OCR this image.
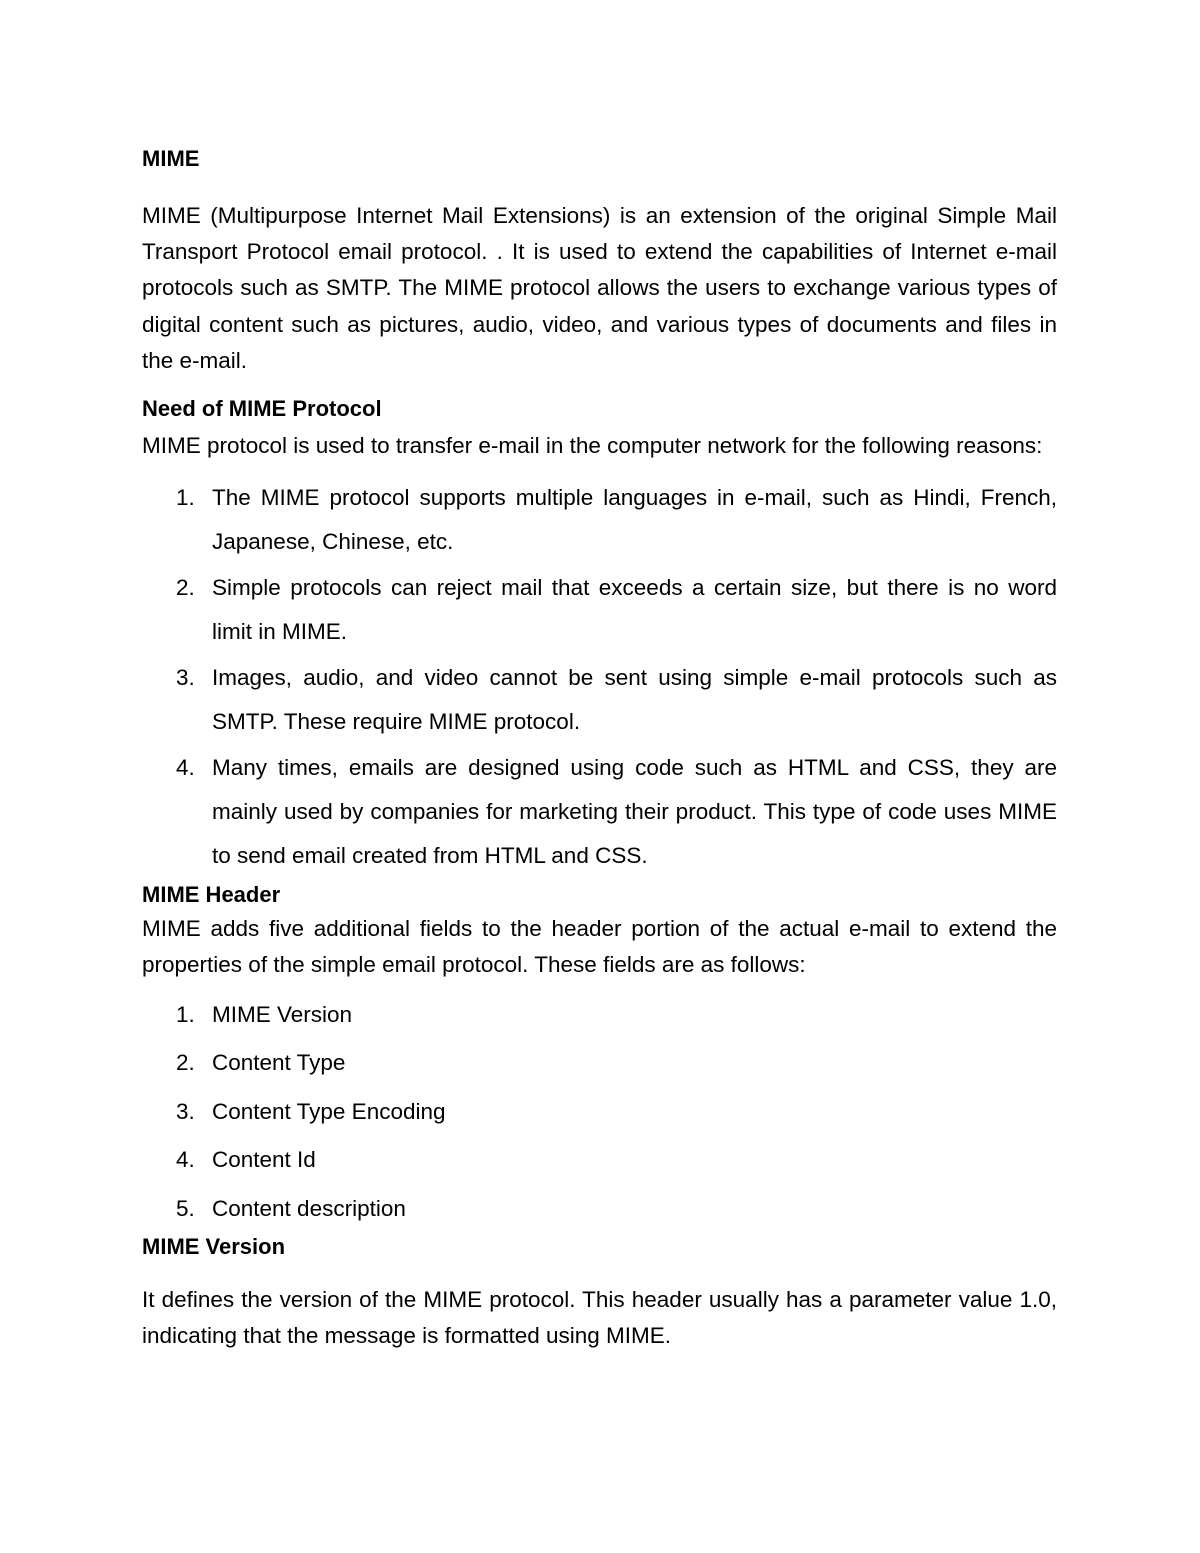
MIME

MIME (Multipurpose Internet Mail Extensions) is an extension of the original Simple Mail Transport Protocol email protocol. . It is used to extend the capabilities of Internet e-mail protocols such as SMTP. The MIME protocol allows the users to exchange various types of digital content such as pictures, audio, video, and various types of documents and files in the e-mail.

Need of MIME Protocol

MIME protocol is used to transfer e-mail in the computer network for the following reasons:

1. The MIME protocol supports multiple languages in e-mail, such as Hindi, French, Japanese, Chinese, etc.
2. Simple protocols can reject mail that exceeds a certain size, but there is no word limit in MIME.
3. Images, audio, and video cannot be sent using simple e-mail protocols such as SMTP. These require MIME protocol.
4. Many times, emails are designed using code such as HTML and CSS, they are mainly used by companies for marketing their product. This type of code uses MIME to send email created from HTML and CSS.

MIME Header

MIME adds five additional fields to the header portion of the actual e-mail to extend the properties of the simple email protocol. These fields are as follows:

1. MIME Version
2. Content Type
3. Content Type Encoding
4. Content Id
5. Content description

MIME Version

It defines the version of the MIME protocol. This header usually has a parameter value 1.0, indicating that the message is formatted using MIME.
